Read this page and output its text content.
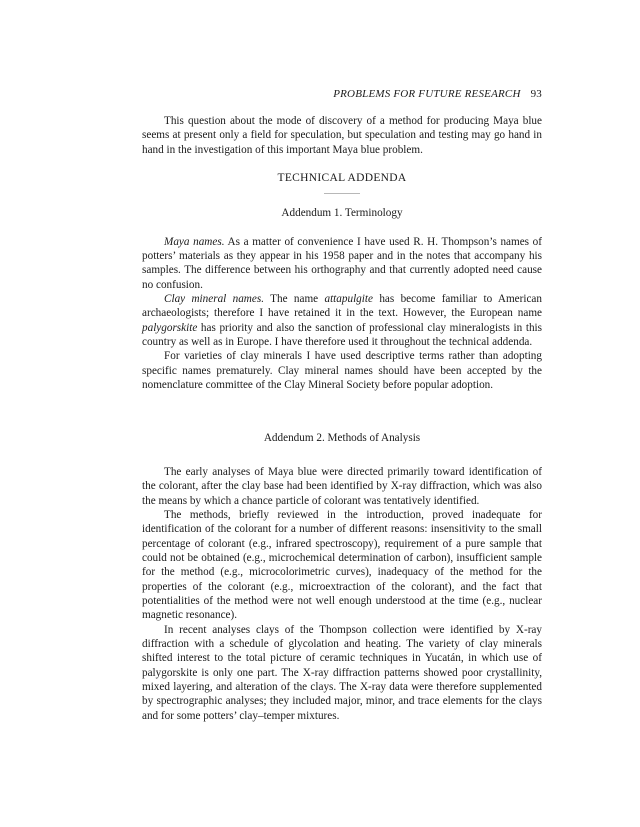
PROBLEMS FOR FUTURE RESEARCH 93

This question about the mode of discovery of a method for producing Maya blue seems at present only a field for speculation, but speculation and testing may go hand in hand in the investigation of this important Maya blue problem.

TECHNICAL ADDENDA

Addendum 1. Terminology

Maya names. As a matter of convenience I have used R. H. Thompson’s names of potters’ materials as they appear in his 1958 paper and in the notes that accompany his samples. The difference between his orthography and that currently adopted need cause no confusion.

Clay mineral names. The name attapulgite has become familiar to American archaeologists; therefore I have retained it in the text. However, the European name palygorskite has priority and also the sanction of professional clay mineralogists in this country as well as in Europe. I have therefore used it throughout the technical addenda.

For varieties of clay minerals I have used descriptive terms rather than adopting specific names prematurely. Clay mineral names should have been accepted by the nomenclature committee of the Clay Mineral Society before popular adoption.

Addendum 2. Methods of Analysis

The early analyses of Maya blue were directed primarily toward identification of the colorant, after the clay base had been identified by X-ray diffraction, which was also the means by which a chance particle of colorant was tentatively identified.

The methods, briefly reviewed in the introduction, proved inadequate for identification of the colorant for a number of different reasons: insensitivity to the small percentage of colorant (e.g., infrared spectroscopy), requirement of a pure sample that could not be obtained (e.g., microchemical determination of carbon), insufficient sample for the method (e.g., microcolorimetric curves), inadequacy of the method for the properties of the colorant (e.g., microextraction of the colorant), and the fact that potentialities of the method were not well enough understood at the time (e.g., nuclear magnetic resonance).

In recent analyses clays of the Thompson collection were identified by X-ray diffraction with a schedule of glycolation and heating. The variety of clay minerals shifted interest to the total picture of ceramic techniques in Yucatán, in which use of palygorskite is only one part. The X-ray diffraction patterns showed poor crystallinity, mixed layering, and alteration of the clays. The X-ray data were therefore supplemented by spectrographic analyses; they included major, minor, and trace elements for the clays and for some potters’ clay–temper mixtures.
